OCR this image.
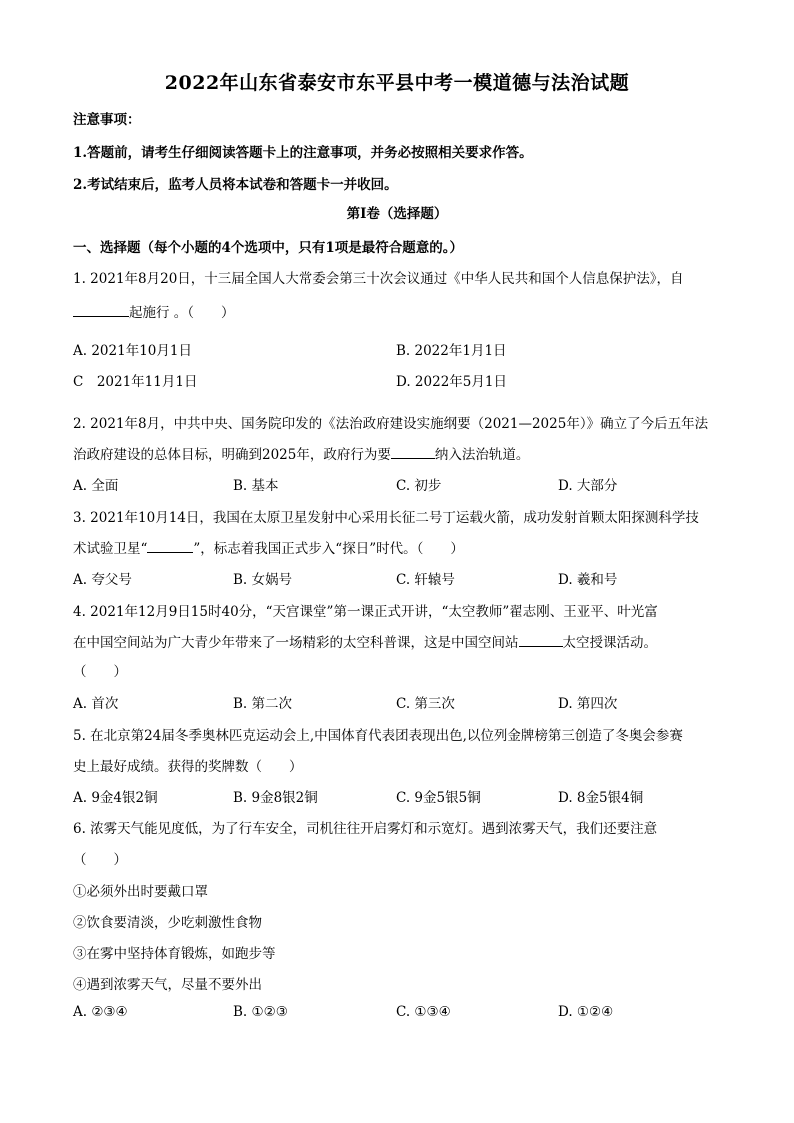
2022年山东省泰安市东平县中考一模道德与法治试题
注意事项：
1.答题前，请考生仔细阅读答题卡上的注意事项，并务必按照相关要求作答。
2.考试结束后，监考人员将本试卷和答题卡一并收回。
第Ⅰ卷（选择题）
一、选择题（每个小题的4个选项中，只有1项是最符合题意的。）
1. 2021年8月20日，十三届全国人大常委会第三十次会议通过《中华人民共和国个人信息保护法》，自
起施行 。（　　）
A. 2021年10月1日	B. 2022年1月1日
C　2021年11月1日	D. 2022年5月1日
2. 2021年8月，中共中央、国务院印发的《法治政府建设实施纲要（2021—2025年）》确立了今后五年法
治政府建设的总体目标，明确到2025年，政府行为要	纳入法治轨道。
A. 全面	B. 基本	C. 初步	D. 大部分
3. 2021年10月14日，我国在太原卫星发射中心采用长征二号丁运载火箭，成功发射首颗太阳探测科学技
术试验卫星“	”，标志着我国正式步入“探日”时代。（　　）
A. 夸父号	B. 女娲号	C. 轩辕号	D. 羲和号
4. 2021年12月9日15时40分，“天宫课堂”第一课正式开讲，“太空教师”翟志刚、王亚平、叶光富
在中国空间站为广大青少年带来了一场精彩的太空科普课，这是中国空间站	太空授课活动。
（　　）
A. 首次	B. 第二次	C. 第三次	D. 第四次
5. 在北京第24届冬季奥林匹克运动会上,中国体育代表团表现出色,以位列金牌榜第三创造了冬奥会参赛
史上最好成绩。获得的奖牌数（　　）
A. 9金4银2铜	B. 9金8银2铜	C. 9金5银5铜	D. 8金5银4铜
6. 浓雾天气能见度低，为了行车安全，司机往往开启雾灯和示宽灯。遇到浓雾天气，我们还要注意
（　　）
①必须外出时要戴口罩
②饮食要清淡，少吃刺激性食物
③在雾中坚持体育锻炼，如跑步等
④遇到浓雾天气，尽量不要外出
A. ②③④	B. ①②③	C. ①③④	D. ①②④
